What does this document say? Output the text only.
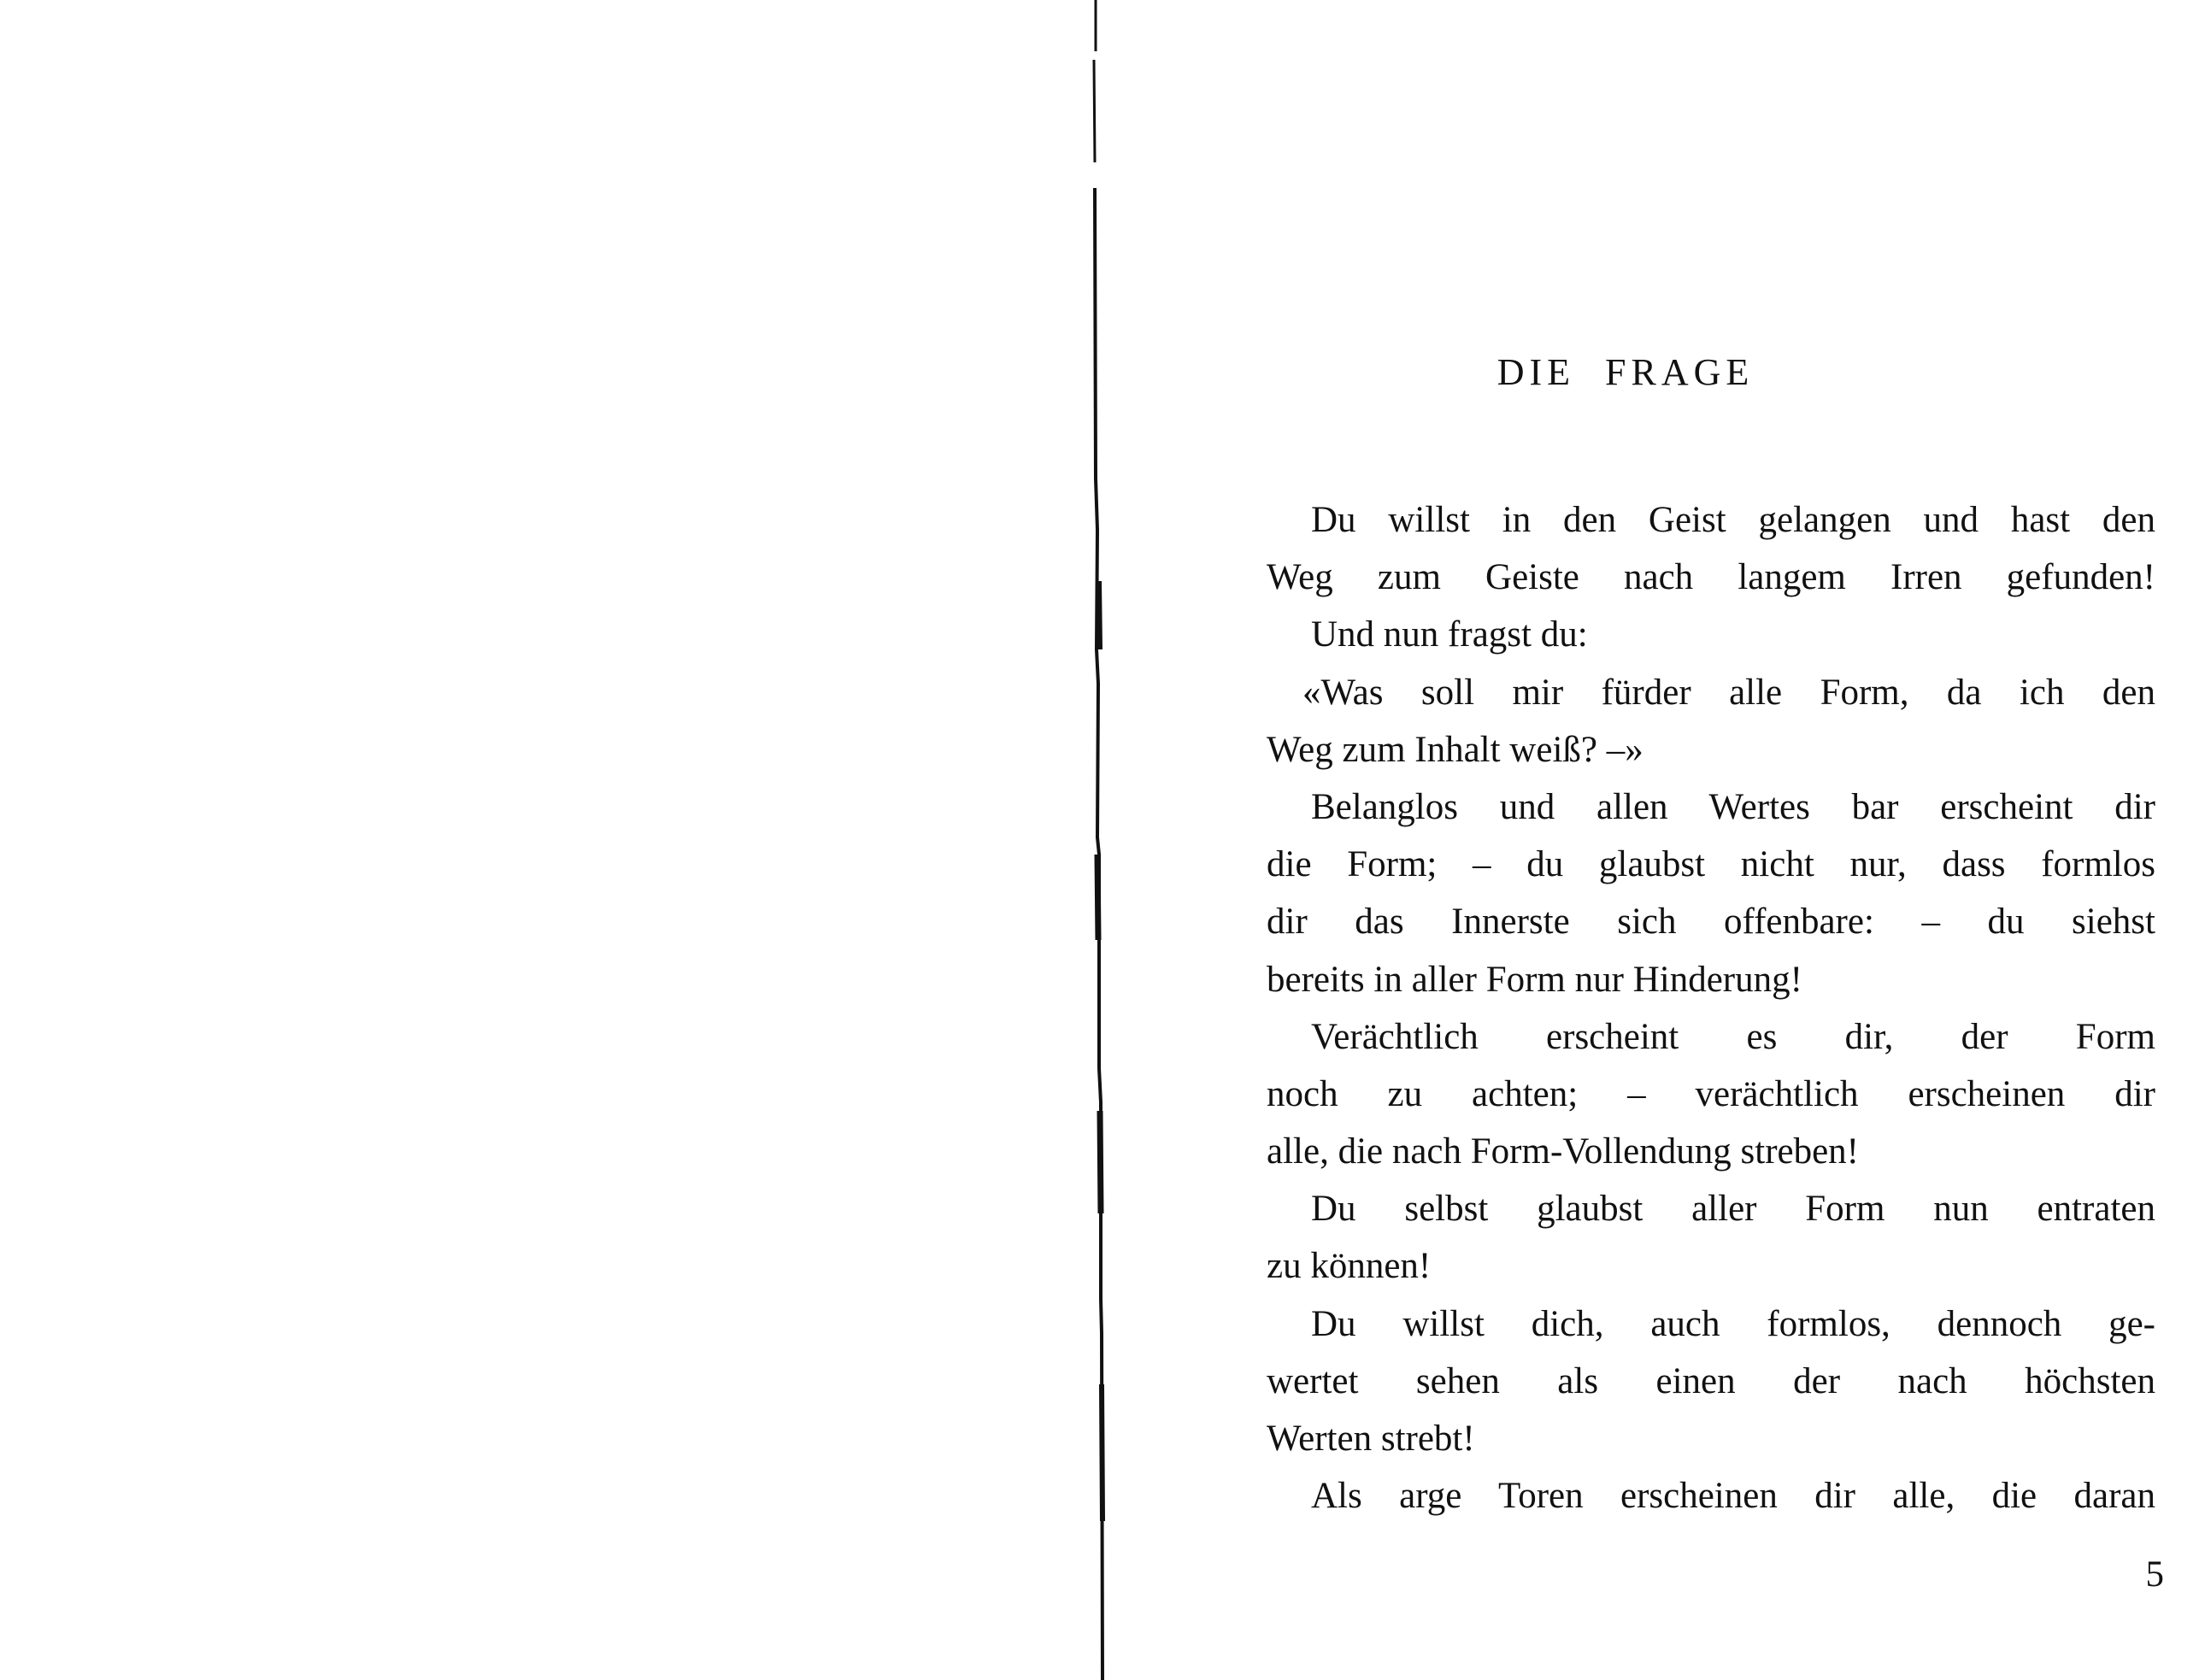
DIE FRAGE
Du willst in den Geist gelangen und hast den
Weg zum Geiste nach langem Irren gefunden!
Und nun fragst du:
«Was soll mir fürder alle Form, da ich den
Weg zum Inhalt weiß? –»
Belanglos und allen Wertes bar erscheint dir
die Form; – du glaubst nicht nur, dass formlos
dir das Innerste sich offenbare: – du siehst
bereits in aller Form nur Hinderung!
Verächtlich erscheint es dir, der Form
noch zu achten; – verächtlich erscheinen dir
alle, die nach Form-Vollendung streben!
Du selbst glaubst aller Form nun entraten
zu können!
Du willst dich, auch formlos, dennoch ge-
wertet sehen als einen der nach höchsten
Werten strebt!
Als arge Toren erscheinen dir alle, die daran
5
